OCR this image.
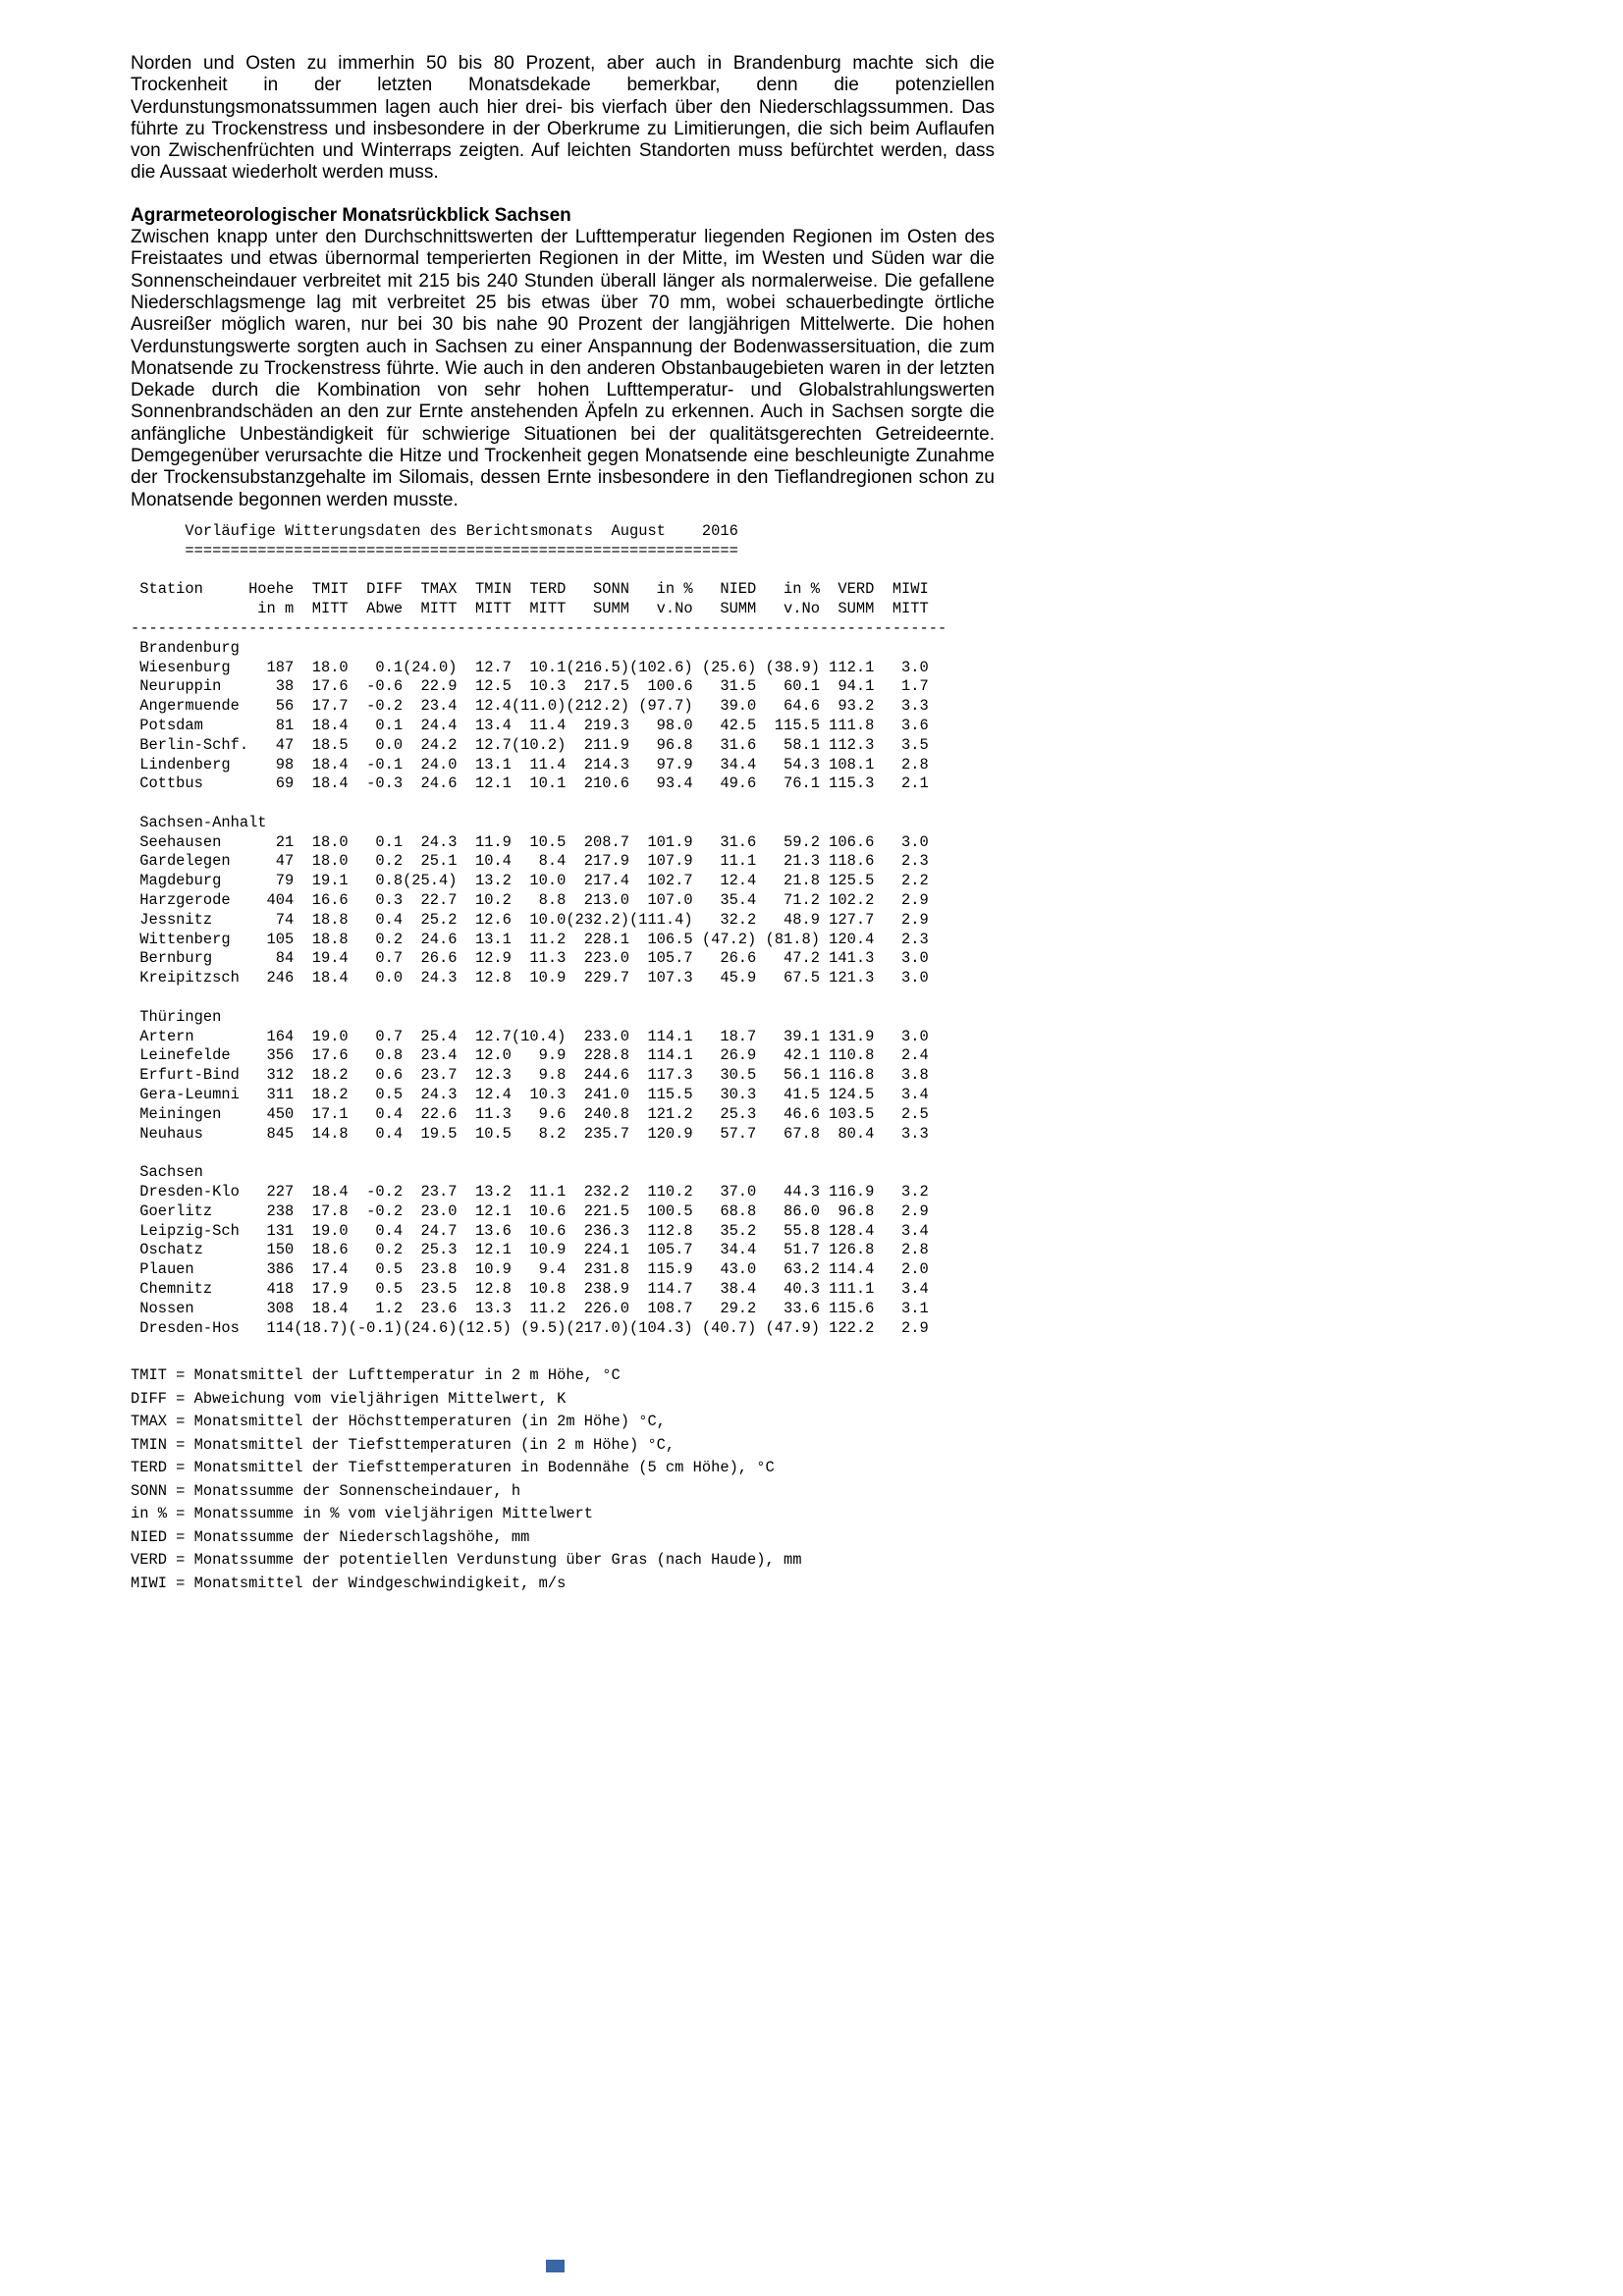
Norden und Osten zu immerhin 50 bis 80 Prozent, aber auch in Brandenburg machte sich die Trockenheit in der letzten Monatsdekade bemerkbar, denn die potenziellen Verdunstungsmonatssummen lagen auch hier drei- bis vierfach über den Niederschlagssummen. Das führte zu Trockenstress und insbesondere in der Oberkrume zu Limitierungen, die sich beim Auflaufen von Zwischenfrüchten und Winterraps zeigten. Auf leichten Standorten muss befürchtet werden, dass die Aussaat wiederholt werden muss.

Agrarmeteorologischer Monatsrückblick Sachsen

Zwischen knapp unter den Durchschnittswerten der Lufttemperatur liegenden Regionen im Osten des Freistaates und etwas übernormal temperierten Regionen in der Mitte, im Westen und Süden war die Sonnenscheindauer verbreitet mit 215 bis 240 Stunden überall länger als normalerweise. Die gefallene Niederschlagsmenge lag mit verbreitet 25 bis etwas über 70 mm, wobei schauerbedingte örtliche Ausreißer möglich waren, nur bei 30 bis nahe 90 Prozent der langjährigen Mittelwerte. Die hohen Verdunstungswerte sorgten auch in Sachsen zu einer Anspannung der Bodenwassersituation, die zum Monatsende zu Trockenstress führte. Wie auch in den anderen Obstanbaugebieten waren in der letzten Dekade durch die Kombination von sehr hohen Lufttemperatur- und Globalstrahlungswerten Sonnenbrandschäden an den zur Ernte anstehenden Äpfeln zu erkennen. Auch in Sachsen sorgte die anfängliche Unbeständigkeit für schwierige Situationen bei der qualitätsgerechten Getreideernte. Demgegenüber verursachte die Hitze und Trockenheit gegen Monatsende eine beschleunigte Zunahme der Trockensubstanzgehalte im Silomais, dessen Ernte insbesondere in den Tieflandregionen schon zu Monatsende begonnen werden musste.

Vorläufige Witterungsdaten des Berichtsmonats  August    2016
=============================================================

Station     Hoehe  TMIT  DIFF  TMAX  TMIN  TERD   SONN   in %   NIED   in %  VERD  MIWI
in m  MITT  Abwe  MITT  MITT  MITT   SUMM   v.No   SUMM   v.No  SUMM  MITT
------------------------------------------------------------------------------------------
Brandenburg
Wiesenburg    187  18.0   0.1(24.0)  12.7  10.1(216.5)(102.6) (25.6) (38.9) 112.1   3.0
Neuruppin      38  17.6  -0.6  22.9  12.5  10.3  217.5  100.6   31.5   60.1  94.1   1.7
Angermuende    56  17.7  -0.2  23.4  12.4(11.0)(212.2) (97.7)   39.0   64.6  93.2   3.3
Potsdam        81  18.4   0.1  24.4  13.4  11.4  219.3   98.0   42.5  115.5 111.8   3.6
Berlin-Schf.   47  18.5   0.0  24.2  12.7(10.2)  211.9   96.8   31.6   58.1 112.3   3.5
Lindenberg     98  18.4  -0.1  24.0  13.1  11.4  214.3   97.9   34.4   54.3 108.1   2.8
Cottbus        69  18.4  -0.3  24.6  12.1  10.1  210.6   93.4   49.6   76.1 115.3   2.1

Sachsen-Anhalt
Seehausen      21  18.0   0.1  24.3  11.9  10.5  208.7  101.9   31.6   59.2 106.6   3.0
Gardelegen     47  18.0   0.2  25.1  10.4   8.4  217.9  107.9   11.1   21.3 118.6   2.3
Magdeburg      79  19.1   0.8(25.4)  13.2  10.0  217.4  102.7   12.4   21.8 125.5   2.2
Harzgerode    404  16.6   0.3  22.7  10.2   8.8  213.0  107.0   35.4   71.2 102.2   2.9
Jessnitz       74  18.8   0.4  25.2  12.6  10.0(232.2)(111.4)   32.2   48.9 127.7   2.9
Wittenberg    105  18.8   0.2  24.6  13.1  11.2  228.1  106.5 (47.2) (81.8) 120.4   2.3
Bernburg       84  19.4   0.7  26.6  12.9  11.3  223.0  105.7   26.6   47.2 141.3   3.0
Kreipitzsch   246  18.4   0.0  24.3  12.8  10.9  229.7  107.3   45.9   67.5 121.3   3.0

Thüringen
Artern        164  19.0   0.7  25.4  12.7(10.4)  233.0  114.1   18.7   39.1 131.9   3.0
Leinefelde    356  17.6   0.8  23.4  12.0   9.9  228.8  114.1   26.9   42.1 110.8   2.4
Erfurt-Bind   312  18.2   0.6  23.7  12.3   9.8  244.6  117.3   30.5   56.1 116.8   3.8
Gera-Leumni   311  18.2   0.5  24.3  12.4  10.3  241.0  115.5   30.3   41.5 124.5   3.4
Meiningen     450  17.1   0.4  22.6  11.3   9.6  240.8  121.2   25.3   46.6 103.5   2.5
Neuhaus       845  14.8   0.4  19.5  10.5   8.2  235.7  120.9   57.7   67.8  80.4   3.3

Sachsen
Dresden-Klo   227  18.4  -0.2  23.7  13.2  11.1  232.2  110.2   37.0   44.3 116.9   3.2
Goerlitz      238  17.8  -0.2  23.0  12.1  10.6  221.5  100.5   68.8   86.0  96.8   2.9
Leipzig-Sch   131  19.0   0.4  24.7  13.6  10.6  236.3  112.8   35.2   55.8 128.4   3.4
Oschatz       150  18.6   0.2  25.3  12.1  10.9  224.1  105.7   34.4   51.7 126.8   2.8
Plauen        386  17.4   0.5  23.8  10.9   9.4  231.8  115.9   43.0   63.2 114.4   2.0
Chemnitz      418  17.9   0.5  23.5  12.8  10.8  238.9  114.7   38.4   40.3 111.1   3.4
Nossen        308  18.4   1.2  23.6  13.3  11.2  226.0  108.7   29.2   33.6 115.6   3.1
Dresden-Hos   114(18.7)(-0.1)(24.6)(12.5) (9.5)(217.0)(104.3) (40.7) (47.9) 122.2   2.9
TMIT = Monatsmittel der Lufttemperatur in 2 m Höhe, °C
DIFF = Abweichung vom vieljährigen Mittelwert, K
TMAX = Monatsmittel der Höchsttemperaturen (in 2m Höhe) °C,
TMIN = Monatsmittel der Tiefsttemperaturen (in 2 m Höhe) °C,
TERD = Monatsmittel der Tiefsttemperaturen in Bodennähe (5 cm Höhe), °C
SONN = Monatssumme der Sonnenscheindauer, h
in % = Monatssumme in % vom vieljährigen Mittelwert
NIED = Monatssumme der Niederschlagshöhe, mm
VERD = Monatssumme der potentiellen Verdunstung über Gras (nach Haude), mm
MIWI = Monatsmittel der Windgeschwindigkeit, m/s
